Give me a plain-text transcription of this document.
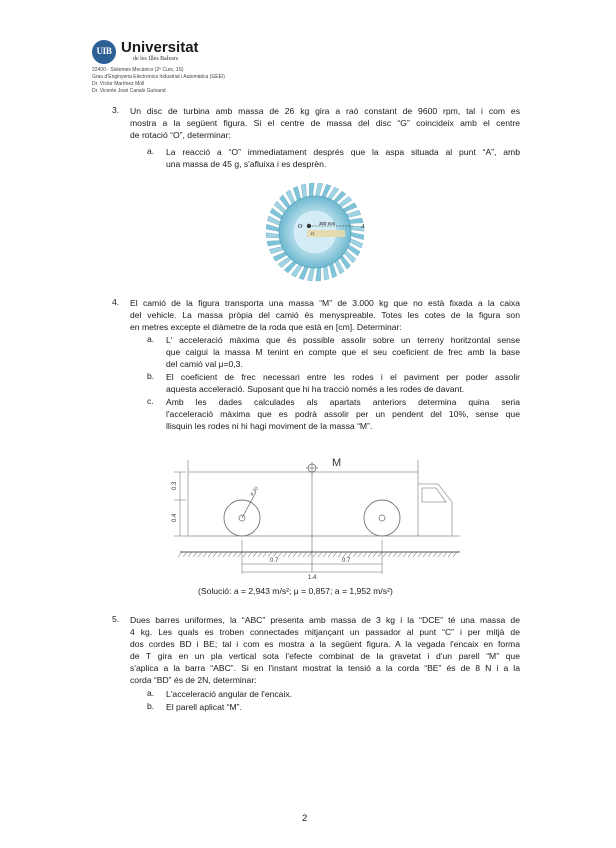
UIB Universitat
de les Illes Balears
22400 - Sistemes Mecànics (2º Curs, 1S)
Grau d'Enginyeria Electrònica Industrial i Automàtica (GEEI)
Dr. Víctor Martínez Moll
Dr. Vicente José Canals Guinand
3. Un disc de turbina amb massa de 26 kg gira a raó constant de 9600 rpm, tal i com es
mostra a la següent figura. Si el centre de massa del disc “G” coincideix amb el centre
de rotació “O”, determinar:
a. La reacció a “O” immediatament després que la aspa situada al punt “A”, amb
una massa de 45 g, s'afluixa i es desprèn.
O
G
300 mm
A
4. El camió de la figura transporta una massa “M” de 3.000 kg que no està fixada a la caixa
del vehicle. La massa pròpia del camió és menyspreable. Totes les cotes de la figura son
en metres excepte el diàmetre de la roda que està en [cm]. Determinar:
a. L' acceleració màxima que és possible assolir sobre un terreny horitzontal sense
que caigui la massa M tenint en compte que el seu coeficient de frec amb la base
del camió val μ=0,3.
b. El coeficient de frec necessari entre les rodes i el paviment per poder assolir
aquesta acceleració. Suposant que hi ha tracció només a les rodes de davant.
c. Amb les dades calculades als apartats anteriors determina quina seria
l'acceleració màxima que es podrà assolir per un pendent del 10%, sense que
llisquin les rodes ni hi hagi moviment de la massa “M”.
ø 30
M
0.3
0.4
0.7	0.7
1.4
(Solució: a = 2,943 m/s²; μ = 0,857; a = 1,952 m/s²)
5. Dues barres uniformes, la “ABC” presenta amb massa de 3 kg i la “DCE” té una massa de
4 kg. Les quals es troben connectades mitjançant un passador al punt “C” i per mitjà de
dos cordes BD i BE; tal i com es mostra a la següent figura. A la vegada l'encaix en forma
de T gira en un pla vertical sota l'efecte combinat de la gravetat i d'un parell “M” que
s'aplica a la barra “ABC”. Si en l'instant mostrat la tensió a la corda “BE” és de 8 N i a la
corda “BD” és de 2N, determinar:
a. L'acceleració angular de l'encaix.
b. El parell aplicat “M”.
2
